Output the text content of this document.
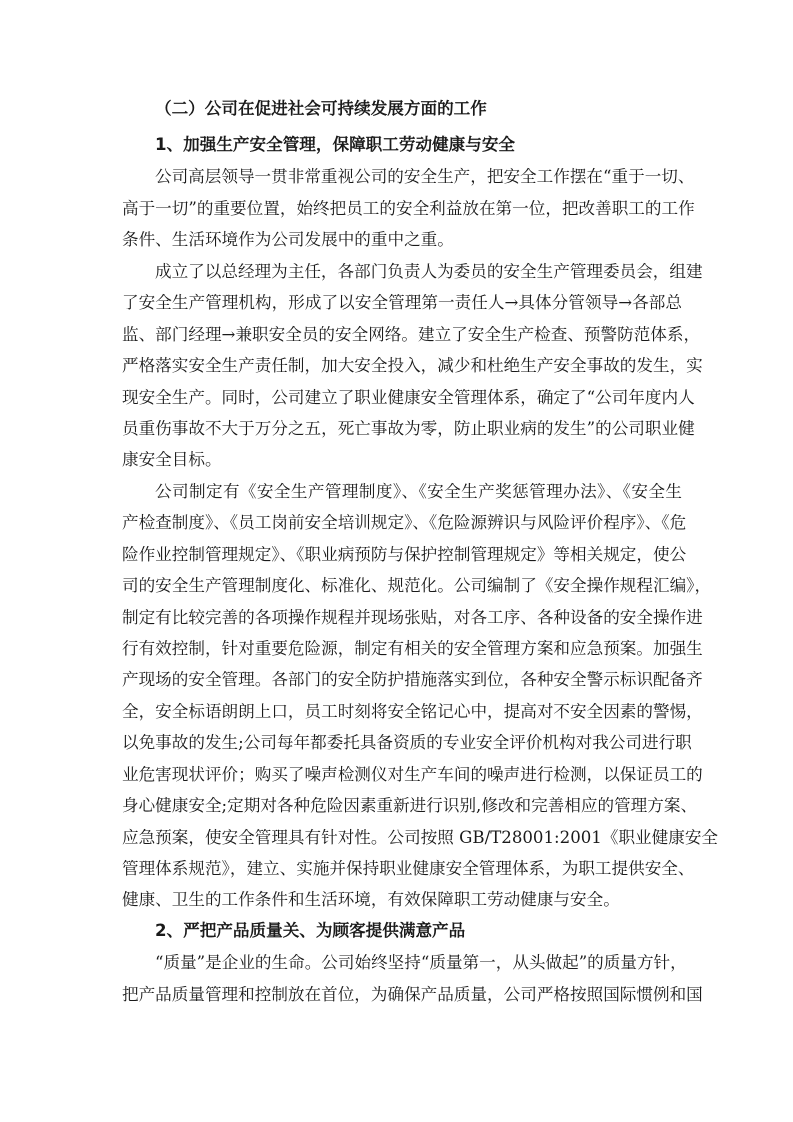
（二）公司在促进社会可持续发展方面的工作
1、加强生产安全管理，保障职工劳动健康与安全
公司高层领导一贯非常重视公司的安全生产，把安全工作摆在“重于一切、
高于一切”的重要位置，始终把员工的安全利益放在第一位，把改善职工的工作
条件、生活环境作为公司发展中的重中之重。
成立了以总经理为主任，各部门负责人为委员的安全生产管理委员会，组建
了安全生产管理机构，形成了以安全管理第一责任人→具体分管领导→各部总
监、部门经理→兼职安全员的安全网络。建立了安全生产检查、预警防范体系，
严格落实安全生产责任制，加大安全投入，减少和杜绝生产安全事故的发生，实
现安全生产。同时，公司建立了职业健康安全管理体系，确定了“公司年度内人
员重伤事故不大于万分之五，死亡事故为零，防止职业病的发生”的公司职业健
康安全目标。
公司制定有《安全生产管理制度》、《安全生产奖惩管理办法》、《安全生
产检查制度》、《员工岗前安全培训规定》、《危险源辨识与风险评价程序》、《危
险作业控制管理规定》、《职业病预防与保护控制管理规定》等相关规定，使公
司的安全生产管理制度化、标准化、规范化。公司编制了《安全操作规程汇编》，
制定有比较完善的各项操作规程并现场张贴，对各工序、各种设备的安全操作进
行有效控制，针对重要危险源，制定有相关的安全管理方案和应急预案。加强生
产现场的安全管理。各部门的安全防护措施落实到位，各种安全警示标识配备齐
全，安全标语朗朗上口，员工时刻将安全铭记心中，提高对不安全因素的警惕，
以免事故的发生;公司每年都委托具备资质的专业安全评价机构对我公司进行职
业危害现状评价；购买了噪声检测仪对生产车间的噪声进行检测，以保证员工的
身心健康安全;定期对各种危险因素重新进行识别,修改和完善相应的管理方案、
应急预案，使安全管理具有针对性。公司按照 GB/T28001:2001《职业健康安全
管理体系规范》，建立、实施并保持职业健康安全管理体系，为职工提供安全、
健康、卫生的工作条件和生活环境，有效保障职工劳动健康与安全。
2、严把产品质量关、为顾客提供满意产品
“质量”是企业的生命。公司始终坚持“质量第一，从头做起”的质量方针，
把产品质量管理和控制放在首位，为确保产品质量，公司严格按照国际惯例和国
